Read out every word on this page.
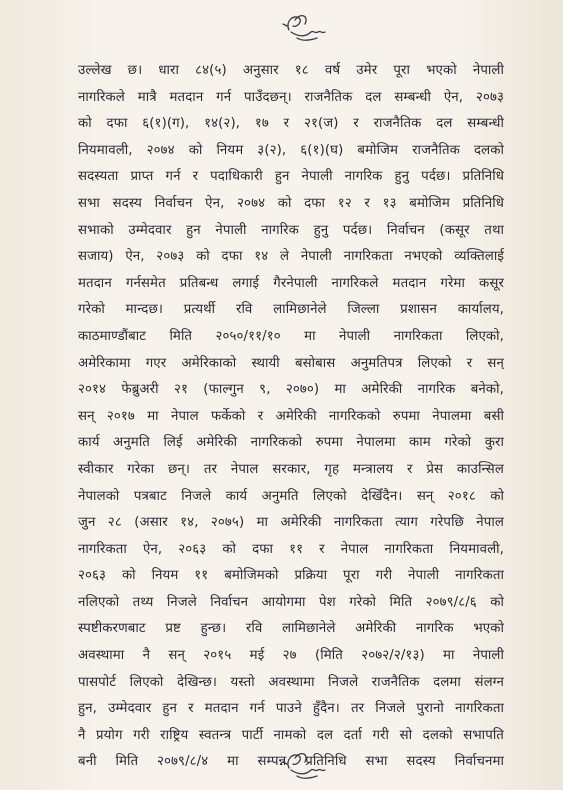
उल्लेख छ। धारा ८४(५) अनुसार १८ वर्ष उमेर पूरा भएको नेपाली
नागरिकले मात्रै मतदान गर्न पाउँदछन्। राजनैतिक दल सम्बन्धी ऐन, २०७३
को दफा ६(१)(ग), १४(२), १७ र २१(ज) र राजनैतिक दल सम्बन्धी
नियमावली, २०७४ को नियम ३(२), ६(१)(घ) बमोजिम राजनैतिक दलको
सदस्यता प्राप्त गर्न र पदाधिकारी हुन नेपाली नागरिक हुनु पर्दछ। प्रतिनिधि
सभा सदस्य निर्वाचन ऐन, २०७४ को दफा १२ र १३ बमोजिम प्रतिनिधि
सभाको उम्मेदवार हुन नेपाली नागरिक हुनु पर्दछ। निर्वाचन (कसूर तथा
सजाय) ऐन, २०७३ को दफा १४ ले नेपाली नागरिकता नभएको व्यक्तिलाई
मतदान गर्नसमेत प्रतिबन्ध लगाई गैरनेपाली नागरिकले मतदान गरेमा कसूर
गरेको मान्दछ। प्रत्यर्थी रवि लामिछानेले जिल्ला प्रशासन कार्यालय,
काठमाण्डौंबाट मिति २०५०/११/१० मा नेपाली नागरिकता लिएको,
अमेरिकामा गएर अमेरिकाको स्थायी बसोबास अनुमतिपत्र लिएको र सन्
२०१४ फेब्रुअरी २१ (फाल्गुन ९, २०७०) मा अमेरिकी नागरिक बनेको,
सन् २०१७ मा नेपाल फर्केको र अमेरिकी नागरिकको रुपमा नेपालमा बसी
कार्य अनुमति लिई अमेरिकी नागरिकको रुपमा नेपालमा काम गरेको कुरा
स्वीकार गरेका छन्। तर नेपाल सरकार, गृह मन्त्रालय र प्रेस काउन्सिल
नेपालको पत्रबाट निजले कार्य अनुमति लिएको देखिँदैन। सन् २०१८ को
जुन २८ (असार १४, २०७५) मा अमेरिकी नागरिकता त्याग गरेपछि नेपाल
नागरिकता ऐन, २०६३ को दफा ११ र नेपाल नागरिकता नियमावली,
२०६३ को नियम ११ बमोजिमको प्रक्रिया पूरा गरी नेपाली नागरिकता
नलिएको तथ्य निजले निर्वाचन आयोगमा पेश गरेको मिति २०७९/८/६ को
स्पष्टीकरणबाट प्रष्ट हुन्छ। रवि लामिछानेले अमेरिकी नागरिक भएको
अवस्थामा नै सन् २०१५ मई २७ (मिति २०७२/२/१३) मा नेपाली
पासपोर्ट लिएको देखिन्छ। यस्तो अवस्थामा निजले राजनैतिक दलमा संलग्न
हुन, उम्मेदवार हुन र मतदान गर्न पाउने हुँदैन। तर निजले पुरानो नागरिकता
नै प्रयोग गरी राष्ट्रिय स्वतन्त्र पार्टी नामको दल दर्ता गरी सो दलको सभापति
बनी मिति २०७९/८/४ मा सम्पन्न प्रतिनिधि सभा सदस्य निर्वाचनमा
